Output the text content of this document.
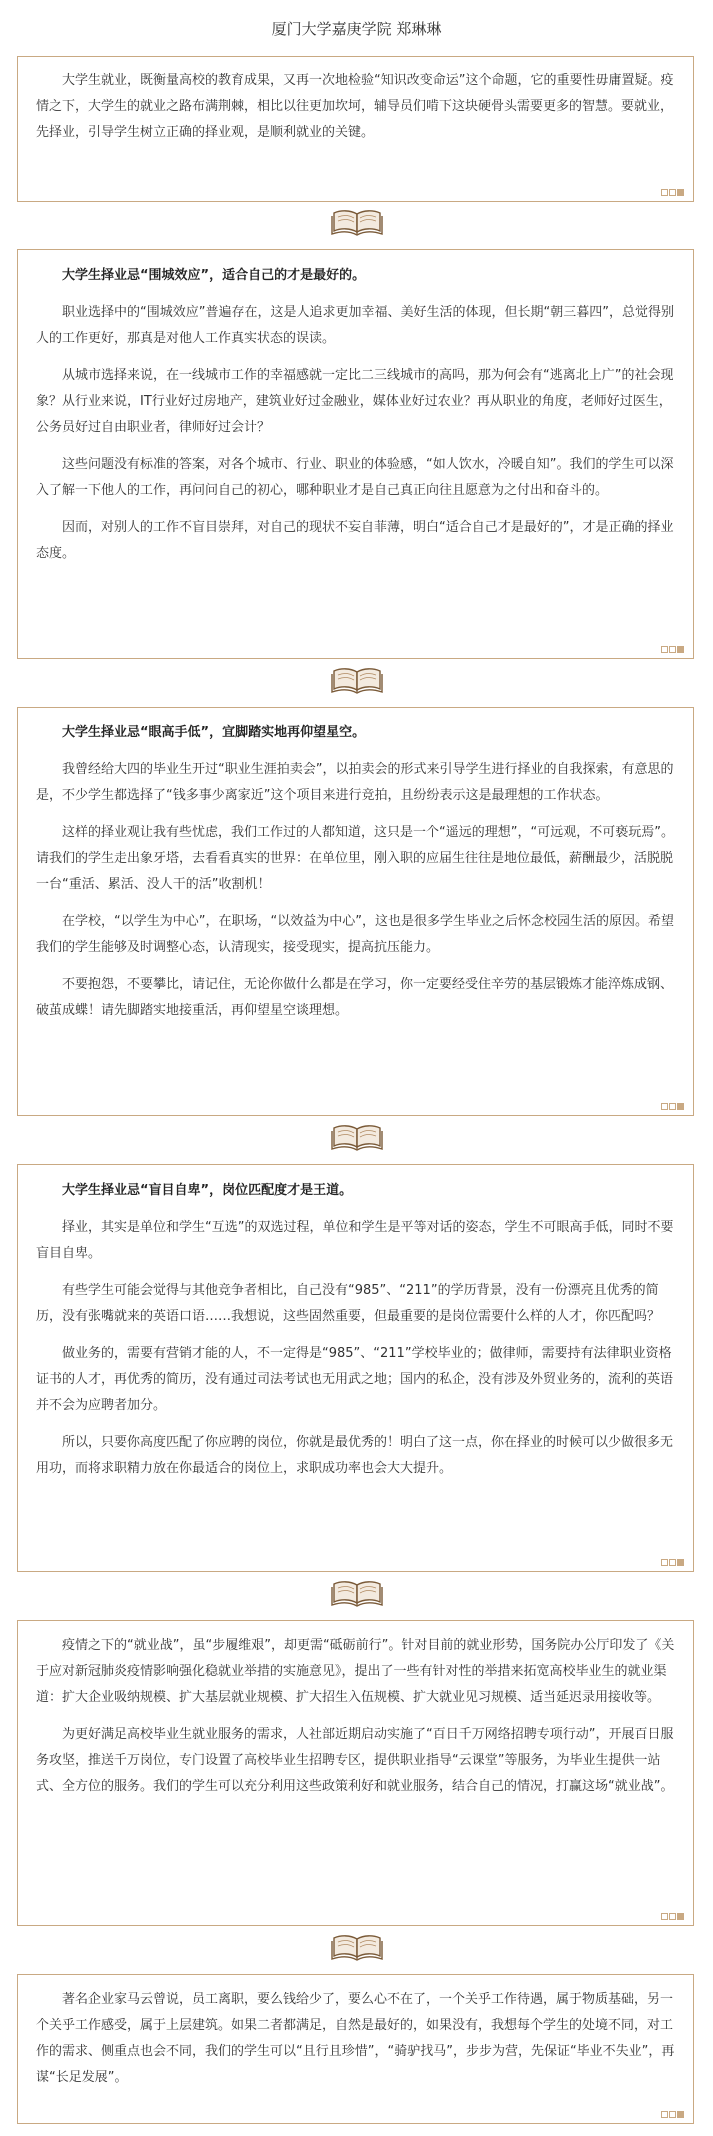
厦门大学嘉庚学院 郑琳琳

大学生就业，既衡量高校的教育成果，又再一次地检验“知识改变命运”这个命题，它的重要性毋庸置疑。疫情之下，大学生的就业之路布满荆棘，相比以往更加坎坷，辅导员们啃下这块硬骨头需要更多的智慧。要就业，先择业，引导学生树立正确的择业观，是顺利就业的关键。

大学生择业忌“围城效应”，适合自己的才是最好的。

职业选择中的“围城效应”普遍存在，这是人追求更加幸福、美好生活的体现，但长期“朝三暮四”，总觉得别人的工作更好，那真是对他人工作真实状态的误读。

从城市选择来说，在一线城市工作的幸福感就一定比二三线城市的高吗，那为何会有“逃离北上广”的社会现象？从行业来说，IT行业好过房地产，建筑业好过金融业，媒体业好过农业？再从职业的角度，老师好过医生，公务员好过自由职业者，律师好过会计？

这些问题没有标准的答案，对各个城市、行业、职业的体验感，“如人饮水，冷暖自知”。我们的学生可以深入了解一下他人的工作，再问问自己的初心，哪种职业才是自己真正向往且愿意为之付出和奋斗的。

因而，对别人的工作不盲目崇拜，对自己的现状不妄自菲薄，明白“适合自己才是最好的”，才是正确的择业态度。

大学生择业忌“眼高手低”，宜脚踏实地再仰望星空。

我曾经给大四的毕业生开过“职业生涯拍卖会”，以拍卖会的形式来引导学生进行择业的自我探索，有意思的是，不少学生都选择了“钱多事少离家近”这个项目来进行竞拍，且纷纷表示这是最理想的工作状态。

这样的择业观让我有些忧虑，我们工作过的人都知道，这只是一个“遥远的理想”，“可远观，不可亵玩焉”。请我们的学生走出象牙塔，去看看真实的世界：在单位里，刚入职的应届生往往是地位最低，薪酬最少，活脱脱一台“重活、累活、没人干的活”收割机！

在学校，“以学生为中心”，在职场，“以效益为中心”，这也是很多学生毕业之后怀念校园生活的原因。希望我们的学生能够及时调整心态，认清现实，接受现实，提高抗压能力。

不要抱怨，不要攀比，请记住，无论你做什么都是在学习，你一定要经受住辛劳的基层锻炼才能淬炼成钢、破茧成蝶！请先脚踏实地接重活，再仰望星空谈理想。

大学生择业忌“盲目自卑”，岗位匹配度才是王道。

择业，其实是单位和学生“互选”的双选过程，单位和学生是平等对话的姿态，学生不可眼高手低，同时不要盲目自卑。

有些学生可能会觉得与其他竞争者相比，自己没有“985”、“211”的学历背景，没有一份漂亮且优秀的简历，没有张嘴就来的英语口语……我想说，这些固然重要，但最重要的是岗位需要什么样的人才，你匹配吗？

做业务的，需要有营销才能的人，不一定得是“985”、“211”学校毕业的；做律师，需要持有法律职业资格证书的人才，再优秀的简历，没有通过司法考试也无用武之地；国内的私企，没有涉及外贸业务的，流利的英语并不会为应聘者加分。

所以，只要你高度匹配了你应聘的岗位，你就是最优秀的！明白了这一点，你在择业的时候可以少做很多无用功，而将求职精力放在你最适合的岗位上，求职成功率也会大大提升。

疫情之下的“就业战”，虽“步履维艰”，却更需“砥砺前行”。针对目前的就业形势，国务院办公厅印发了《关于应对新冠肺炎疫情影响强化稳就业举措的实施意见》，提出了一些有针对性的举措来拓宽高校毕业生的就业渠道：扩大企业吸纳规模、扩大基层就业规模、扩大招生入伍规模、扩大就业见习规模、适当延迟录用接收等。

为更好满足高校毕业生就业服务的需求，人社部近期启动实施了“百日千万网络招聘专项行动”，开展百日服务攻坚，推送千万岗位，专门设置了高校毕业生招聘专区，提供职业指导“云课堂”等服务，为毕业生提供一站式、全方位的服务。我们的学生可以充分利用这些政策利好和就业服务，结合自己的情况，打赢这场“就业战”。

著名企业家马云曾说，员工离职，要么钱给少了，要么心不在了，一个关乎工作待遇，属于物质基础，另一个关乎工作感受，属于上层建筑。如果二者都满足，自然是最好的，如果没有，我想每个学生的处境不同，对工作的需求、侧重点也会不同，我们的学生可以“且行且珍惜”，“骑驴找马”，步步为营，先保证“毕业不失业”，再谋“长足发展”。
